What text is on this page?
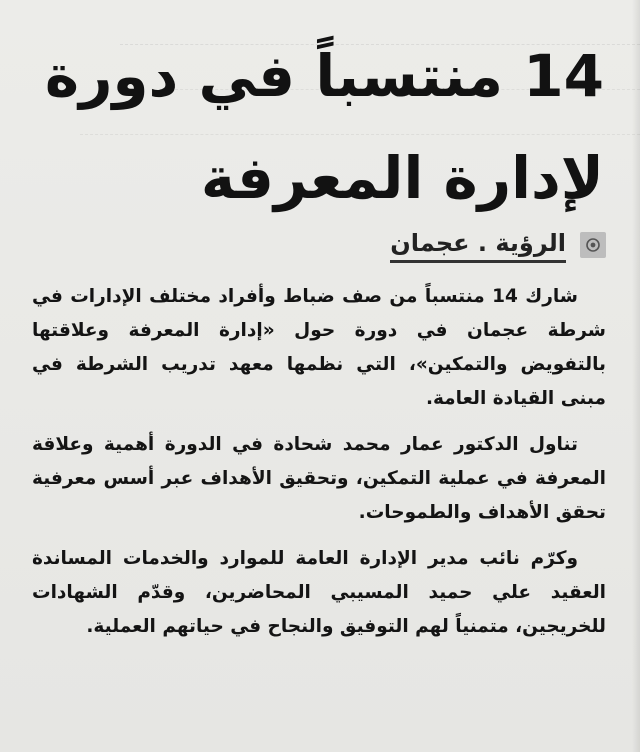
14 منتسباً في دورة
لإدارة المعرفة
الرؤية . عجمان

شارك 14 منتسباً من صف ضباط وأفراد مختلف الإدارات في شرطة عجمان في دورة حول «إدارة المعرفة وعلاقتها بالتفويض والتمكين»، التي نظمها معهد تدريب الشرطة في مبنى القيادة العامة.

تناول الدكتور عمار محمد شحادة في الدورة أهمية وعلاقة المعرفة في عملية التمكين، وتحقيق الأهداف عبر أسس معرفية تحقق الأهداف والطموحات.

وكرّم نائب مدير الإدارة العامة للموارد والخدمات المساندة العقيد علي حميد المسيبي المحاضرين، وقدّم الشهادات للخريجين، متمنياً لهم التوفيق والنجاح في حياتهم العملية.
